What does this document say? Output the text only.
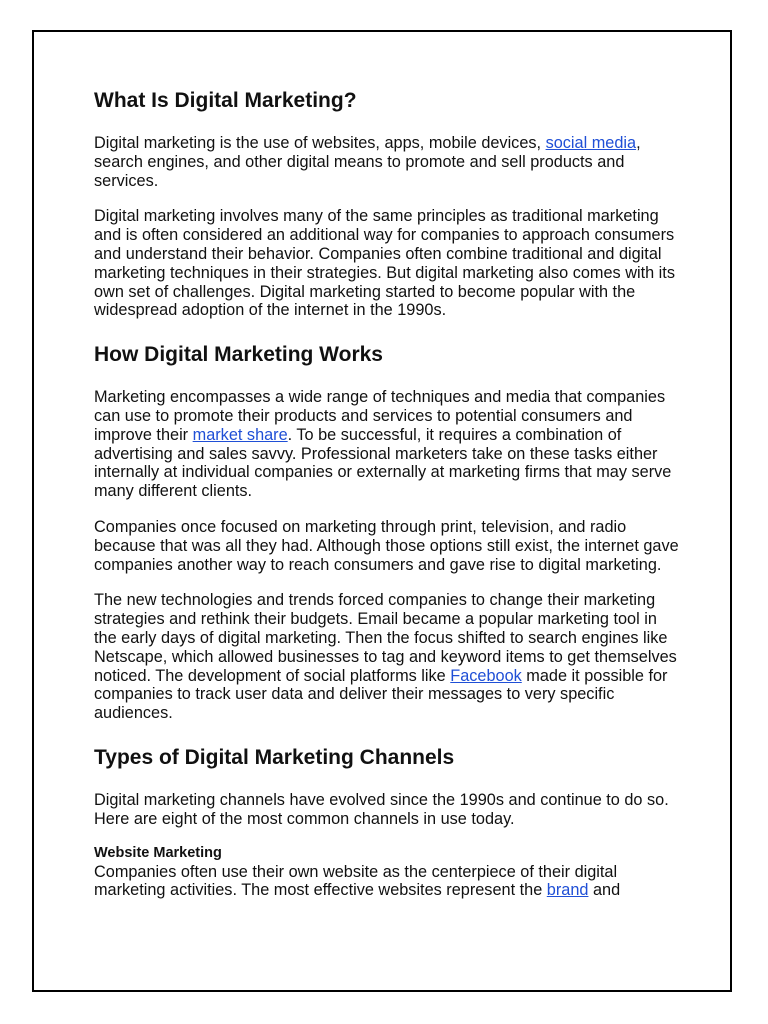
What Is Digital Marketing?

Digital marketing is the use of websites, apps, mobile devices, social media, search engines, and other digital means to promote and sell products and services.

Digital marketing involves many of the same principles as traditional marketing and is often considered an additional way for companies to approach consumers and understand their behavior. Companies often combine traditional and digital marketing techniques in their strategies. But digital marketing also comes with its own set of challenges. Digital marketing started to become popular with the widespread adoption of the internet in the 1990s.

How Digital Marketing Works

Marketing encompasses a wide range of techniques and media that companies can use to promote their products and services to potential consumers and improve their market share. To be successful, it requires a combination of advertising and sales savvy. Professional marketers take on these tasks either internally at individual companies or externally at marketing firms that may serve many different clients.

Companies once focused on marketing through print, television, and radio because that was all they had. Although those options still exist, the internet gave companies another way to reach consumers and gave rise to digital marketing.

The new technologies and trends forced companies to change their marketing strategies and rethink their budgets. Email became a popular marketing tool in the early days of digital marketing. Then the focus shifted to search engines like Netscape, which allowed businesses to tag and keyword items to get themselves noticed. The development of social platforms like Facebook made it possible for companies to track user data and deliver their messages to very specific audiences.

Types of Digital Marketing Channels

Digital marketing channels have evolved since the 1990s and continue to do so. Here are eight of the most common channels in use today.

Website Marketing

Companies often use their own website as the centerpiece of their digital marketing activities. The most effective websites represent the brand and
